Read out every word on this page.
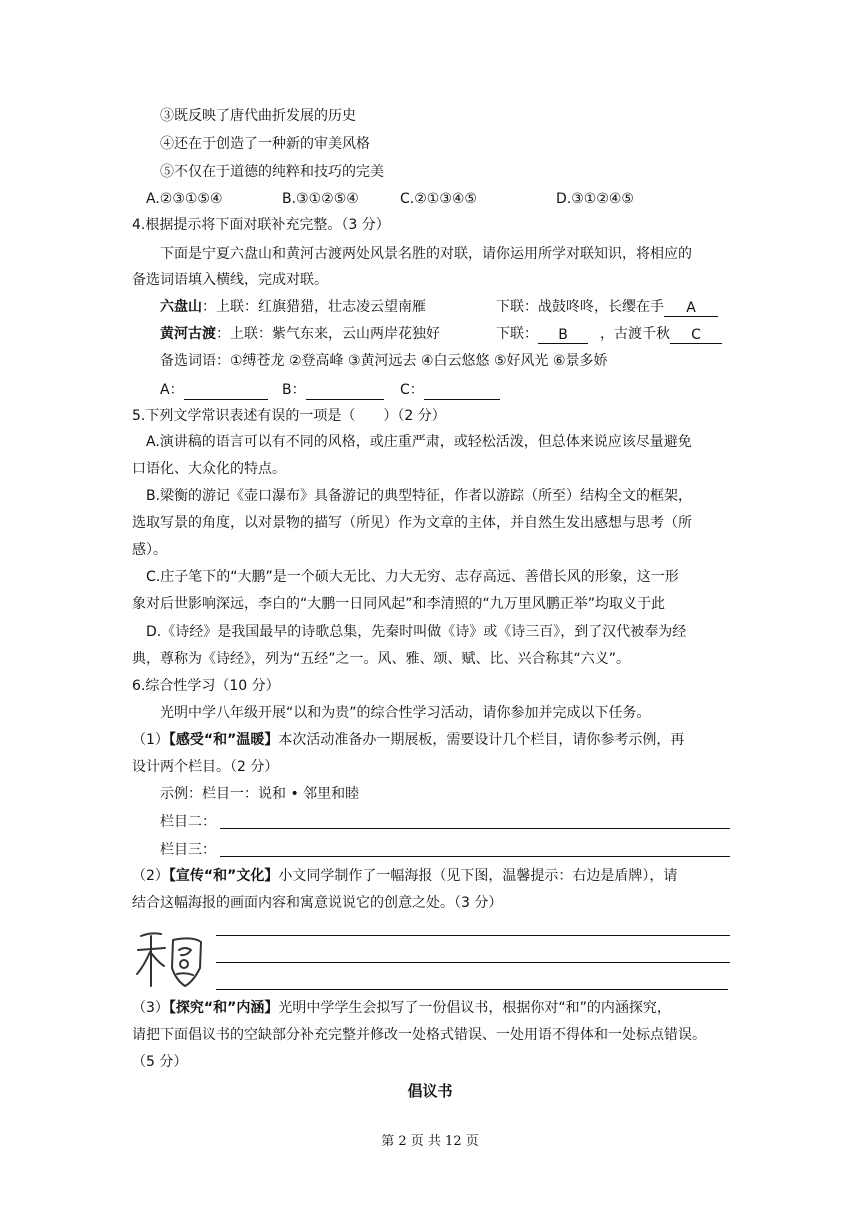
③既反映了唐代曲折发展的历史
④还在于创造了一种新的审美风格
⑤不仅在于道德的纯粹和技巧的完美
A.②③①⑤④	B.③①②⑤④	C.②①③④⑤	D.③①②④⑤
4.根据提示将下面对联补充完整。（3 分）
下面是宁夏六盘山和黄河古渡两处风景名胜的对联，请你运用所学对联知识，将相应的
备选词语填入横线，完成对联。
六盘山：上联：红旗猎猎，壮志凌云望南雁	下联：战鼓咚咚，长缨在手 A
黄河古渡：上联：紫气东来，云山两岸花独好	下联： B ，古渡千秋 C
备选词语：①缚苍龙 ②登高峰 ③黄河远去 ④白云悠悠 ⑤好风光 ⑥景多娇
A：	B：	C：
5.下列文学常识表述有误的一项是（　　）（2 分）
A.演讲稿的语言可以有不同的风格，或庄重严肃，或轻松活泼，但总体来说应该尽量避免
口语化、大众化的特点。
B.梁衡的游记《壶口瀑布》具备游记的典型特征，作者以游踪（所至）结构全文的框架，
选取写景的角度，以对景物的描写（所见）作为文章的主体，并自然生发出感想与思考（所
感）。
C.庄子笔下的“大鹏”是一个硕大无比、力大无穷、志存高远、善借长风的形象，这一形
象对后世影响深远，李白的“大鹏一日同风起”和李清照的“九万里风鹏正举”均取义于此
D.《诗经》是我国最早的诗歌总集，先秦时叫做《诗》或《诗三百》，到了汉代被奉为经
典，尊称为《诗经》，列为“五经”之一。风、雅、颂、赋、比、兴合称其“六义”。
6.综合性学习（10 分）
光明中学八年级开展“以和为贵”的综合性学习活动，请你参加并完成以下任务。
（1）【感受“和”温暖】本次活动准备办一期展板，需要设计几个栏目，请你参考示例，再
设计两个栏目。（2 分）
示例：栏目一：说和 • 邻里和睦
栏目二：
栏目三：
（2）【宣传“和”文化】小文同学制作了一幅海报（见下图，温馨提示：右边是盾牌），请
结合这幅海报的画面内容和寓意说说它的创意之处。（3 分）
（3）【探究“和”内涵】光明中学学生会拟写了一份倡议书，根据你对“和”的内涵探究，
请把下面倡议书的空缺部分补充完整并修改一处格式错误、一处用语不得体和一处标点错误。
（5 分）
倡议书
第 2 页 共 12 页
